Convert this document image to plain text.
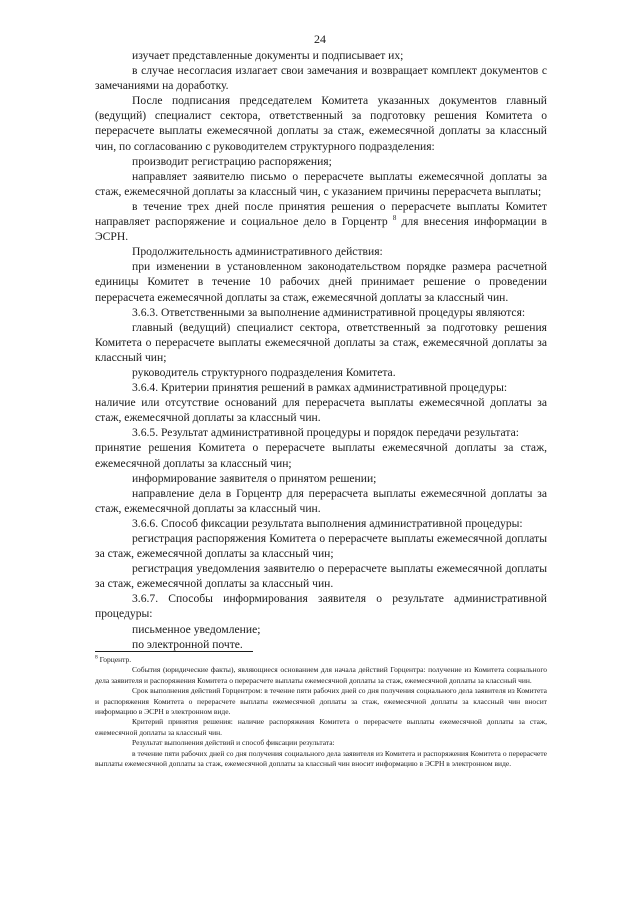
24

изучает представленные документы и подписывает их;

в случае несогласия излагает свои замечания и возвращает комплект документов с замечаниями на доработку.

После подписания председателем Комитета указанных документов главный (ведущий) специалист сектора, ответственный за подготовку решения Комитета о перерасчете выплаты ежемесячной доплаты за стаж, ежемесячной доплаты за классный чин, по согласованию с руководителем структурного подразделения:

производит регистрацию распоряжения;

направляет заявителю письмо о перерасчете выплаты ежемесячной доплаты за стаж, ежемесячной доплаты за классный чин, с указанием причины перерасчета выплаты;

в течение трех дней после принятия решения о перерасчете выплаты Комитет направляет распоряжение и социальное дело в Горцентр $^8$ для внесения информации в ЭСРН.

Продолжительность административного действия:

при изменении в установленном законодательством порядке размера расчетной единицы Комитет в течение 10 рабочих дней принимает решение о проведении перерасчета ежемесячной доплаты за стаж, ежемесячной доплаты за классный чин.

3.6.3. Ответственными за выполнение административной процедуры являются:

главный (ведущий) специалист сектора, ответственный за подготовку решения Комитета о перерасчете выплаты ежемесячной доплаты за стаж, ежемесячной доплаты за классный чин;

руководитель структурного подразделения Комитета.

3.6.4. Критерии принятия решений в рамках административной процедуры:

наличие или отсутствие оснований для перерасчета выплаты ежемесячной доплаты за стаж, ежемесячной доплаты за классный чин.

3.6.5. Результат административной процедуры и порядок передачи результата:

принятие решения Комитета о перерасчете выплаты ежемесячной доплаты за стаж, ежемесячной доплаты за классный чин;

информирование заявителя о принятом решении;

направление дела в Горцентр для перерасчета выплаты ежемесячной доплаты за стаж, ежемесячной доплаты за классный чин.

3.6.6. Способ фиксации результата выполнения административной процедуры:

регистрация распоряжения Комитета о перерасчете выплаты ежемесячной доплаты за стаж, ежемесячной доплаты за классный чин;

регистрация уведомления заявителю о перерасчете выплаты ежемесячной доплаты за стаж, ежемесячной доплаты за классный чин.

3.6.7. Способы информирования заявителя о результате административной процедуры:

письменное уведомление;

по электронной почте.

$^8$ Горцентр.

События (юридические факты), являющиеся основанием для начала действий Горцентра: получение из Комитета социального дела заявителя и распоряжения Комитета о перерасчете выплаты ежемесячной доплаты за стаж, ежемесячной доплаты за классный чин.

Срок выполнения действий Горцентром: в течение пяти рабочих дней со дня получения социального дела заявителя из Комитета и распоряжения Комитета о перерасчете выплаты ежемесячной доплаты за стаж, ежемесячной доплаты за классный чин вносит информацию в ЭСРН в электронном виде.

Критерий принятия решения: наличие распоряжения Комитета о перерасчете выплаты ежемесячной доплаты за стаж, ежемесячной доплаты за классный чин.

Результат выполнения действий и способ фиксации результата:

в течение пяти рабочих дней со дня получения социального дела заявителя из Комитета и распоряжения Комитета о перерасчете выплаты ежемесячной доплаты за стаж, ежемесячной доплаты за классный чин вносит информацию в ЭСРН в электронном виде.
